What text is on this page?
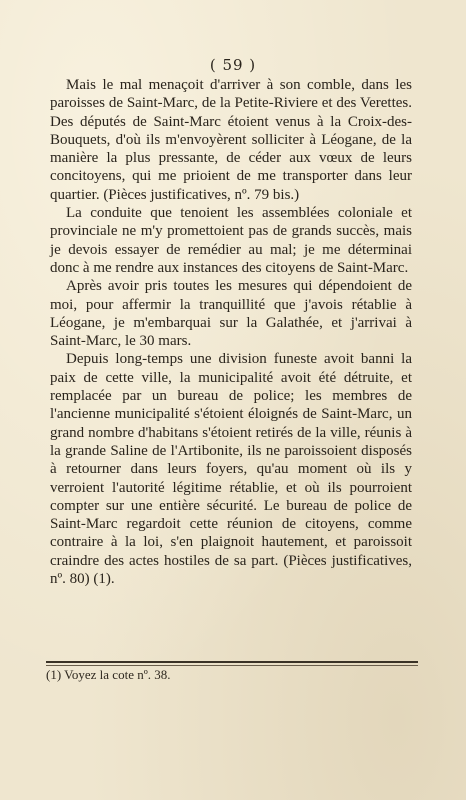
( 59 )

Mais le mal menaçoit d'arriver à son comble, dans les paroisses de Saint-Marc, de la Petite-Riviere et des Verettes. Des députés de Saint-Marc étoient venus à la Croix-des-Bouquets, d'où ils m'envoyèrent solliciter à Léogane, de la manière la plus pressante, de céder aux vœux de leurs concitoyens, qui me prioient de me transporter dans leur quartier. (Pièces justificatives, nº. 79 bis.)

La conduite que tenoient les assemblées coloniale et provinciale ne m'y promettoient pas de grands succès, mais je devois essayer de remédier au mal; je me déterminai donc à me rendre aux instances des citoyens de Saint-Marc.

Après avoir pris toutes les mesures qui dépendoient de moi, pour affermir la tranquillité que j'avois rétablie à Léogane, je m'embarquai sur la Galathée, et j'arrivai à Saint-Marc, le 30 mars.

Depuis long-temps une division funeste avoit banni la paix de cette ville, la municipalité avoit été détruite, et remplacée par un bureau de police; les membres de l'ancienne municipalité s'étoient éloignés de Saint-Marc, un grand nombre d'habitans s'étoient retirés de la ville, réunis à la grande Saline de l'Artibonite, ils ne paroissoient disposés à retourner dans leurs foyers, qu'au moment où ils y verroient l'autorité légitime rétablie, et où ils pourroient compter sur une entière sécurité. Le bureau de police de Saint-Marc regardoit cette réunion de citoyens, comme contraire à la loi, s'en plaignoit hautement, et paroissoit craindre des actes hostiles de sa part. (Pièces justificatives, nº. 80) (1).

(1) Voyez la cote nº. 38.
